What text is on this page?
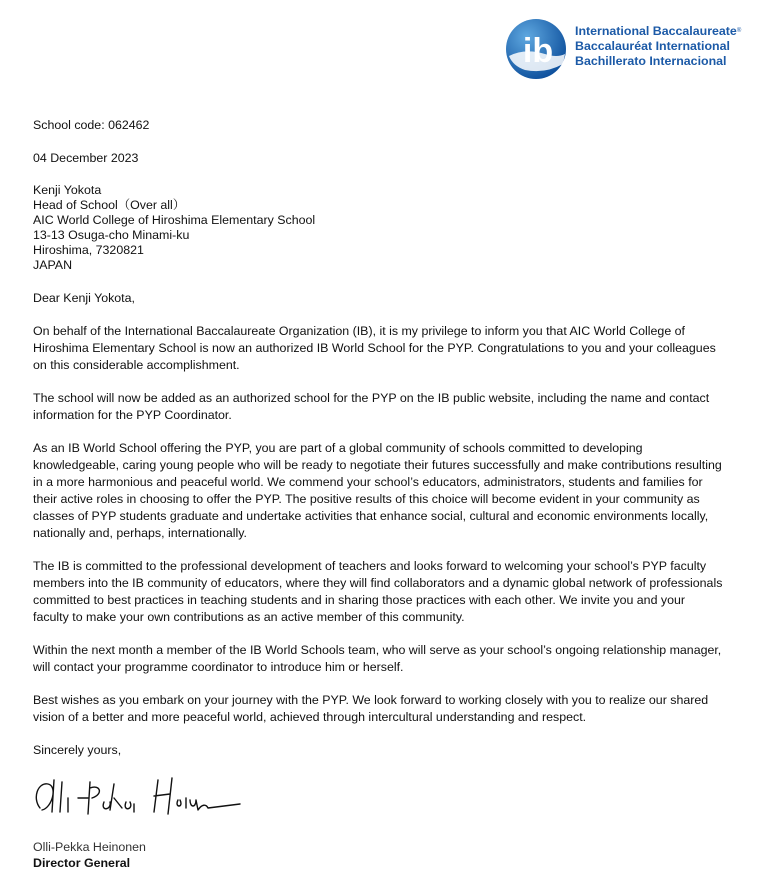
ib
International Baccalaureate®
Baccalauréat International
Bachillerato Internacional

School code: 062462

04 December 2023

Kenji Yokota
Head of School（Over all）
AIC World College of Hiroshima Elementary School
13-13 Osuga-cho Minami-ku
Hiroshima, 7320821
JAPAN

Dear Kenji Yokota,

On behalf of the International Baccalaureate Organization (IB), it is my privilege to inform you that AIC World College of Hiroshima Elementary School is now an authorized IB World School for the PYP. Congratulations to you and your colleagues on this considerable accomplishment.

The school will now be added as an authorized school for the PYP on the IB public website, including the name and contact information for the PYP Coordinator.

As an IB World School offering the PYP, you are part of a global community of schools committed to developing knowledgeable, caring young people who will be ready to negotiate their futures successfully and make contributions resulting in a more harmonious and peaceful world. We commend your school’s educators, administrators, students and families for their active roles in choosing to offer the PYP. The positive results of this choice will become evident in your community as classes of PYP students graduate and undertake activities that enhance social, cultural and economic environments locally, nationally and, perhaps, internationally.

The IB is committed to the professional development of teachers and looks forward to welcoming your school’s PYP faculty members into the IB community of educators, where they will find collaborators and a dynamic global network of professionals committed to best practices in teaching students and in sharing those practices with each other. We invite you and your faculty to make your own contributions as an active member of this community.

Within the next month a member of the IB World Schools team, who will serve as your school’s ongoing relationship manager, will contact your programme coordinator to introduce him or herself.

Best wishes as you embark on your journey with the PYP. We look forward to working closely with you to realize our shared vision of a better and more peaceful world, achieved through intercultural understanding and respect.

Sincerely yours,

Olli-Pekka Heinonen
Director General
